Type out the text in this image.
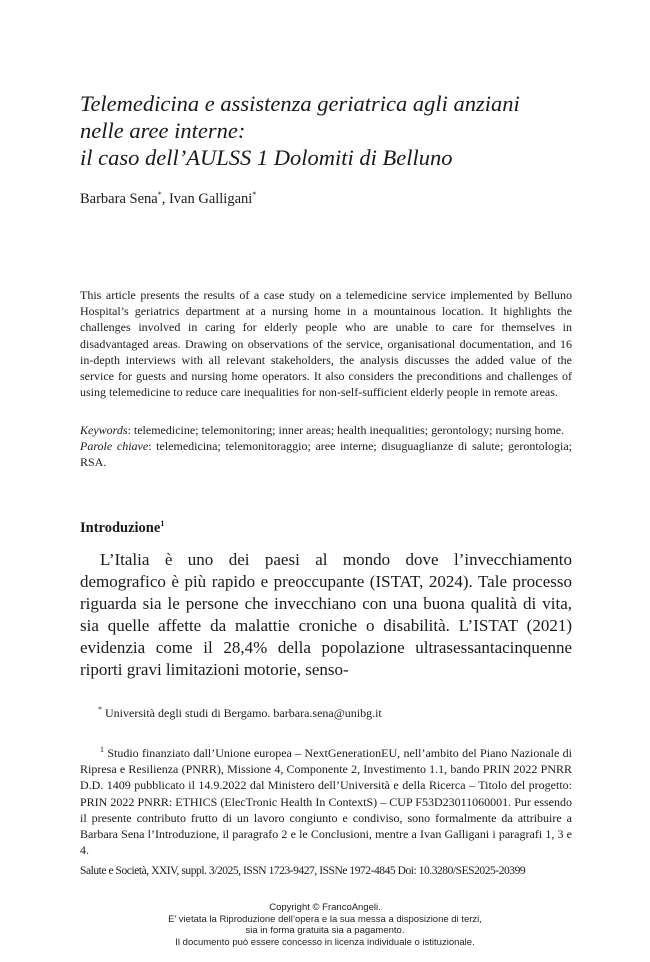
Telemedicina e assistenza geriatrica agli anziani
nelle aree interne:
il caso dell’AULSS 1 Dolomiti di Belluno
Barbara Sena*, Ivan Galligani*

This article presents the results of a case study on a telemedicine service implemented by Belluno Hospital’s geriatrics department at a nursing home in a mountainous location. It highlights the challenges involved in caring for elderly people who are unable to care for themselves in disadvantaged areas. Drawing on observations of the service, organisational documentation, and 16 in-depth interviews with all relevant stakeholders, the analysis discusses the added value of the service for guests and nursing home operators. It also considers the preconditions and challenges of using telemedicine to reduce care inequalities for non-self-sufficient elderly people in remote areas.

Keywords: telemedicine; telemonitoring; inner areas; health inequalities; gerontology; nursing home.

Parole chiave: telemedicina; telemonitoraggio; aree interne; disuguaglianze di salute; gerontologia; RSA.

Introduzione$^1$

L’Italia è uno dei paesi al mondo dove l’invecchiamento demografico è più rapido e preoccupante (ISTAT, 2024). Tale processo riguarda sia le persone che invecchiano con una buona qualità di vita, sia quelle affette da malattie croniche o disabilità. L’ISTAT (2021) evidenzia come il 28,4% della popolazione ultrasessantacinquenne riporti gravi limitazioni motorie, senso-

* Università degli studi di Bergamo. barbara.sena@unibg.it

$^1$ Studio finanziato dall’Unione europea – NextGenerationEU, nell’ambito del Piano Nazionale di Ripresa e Resilienza (PNRR), Missione 4, Componente 2, Investimento 1.1, bando PRIN 2022 PNRR D.D. 1409 pubblicato il 14.9.2022 dal Ministero dell’Università e della Ricerca – Titolo del progetto: PRIN 2022 PNRR: ETHICS (ElecTronic Health In ContextS) – CUP F53D23011060001. Pur essendo il presente contributo frutto di un lavoro congiunto e condiviso, sono formalmente da attribuire a Barbara Sena l’Introduzione, il paragrafo 2 e le Conclusioni, mentre a Ivan Galligani i paragrafi 1, 3 e 4.

Salute e Società, XXIV, suppl. 3/2025, ISSN 1723-9427, ISSNe 1972-4845 Doi: 10.3280/SES2025-20399

Copyright © FrancoAngeli.
E’ vietata la Riproduzione dell’opera e la sua messa a disposizione di terzi,
sia in forma gratuita sia a pagamento.
Il documento può essere concesso in licenza individuale o istituzionale.
